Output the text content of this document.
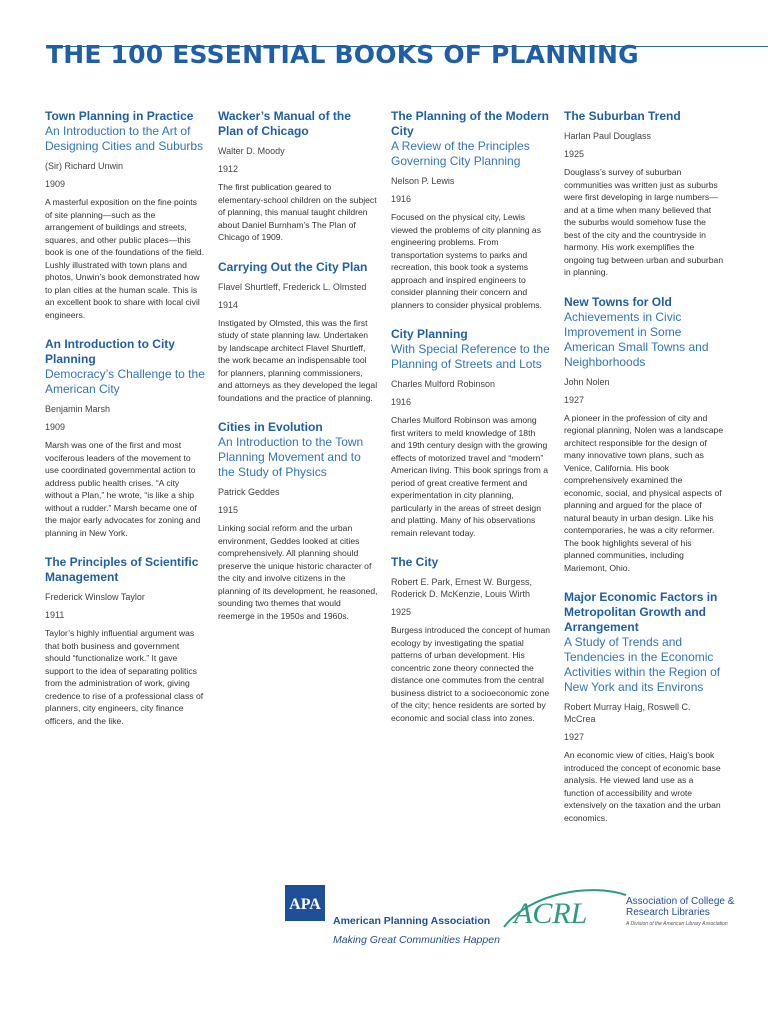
THE 100 ESSENTIAL BOOKS OF PLANNING
Town Planning in Practice
An Introduction to the Art of Designing Cities and Suburbs
(Sir) Richard Unwin
1909
A masterful exposition on the fine points of site planning—such as the arrangement of buildings and streets, squares, and other public places—this book is one of the foundations of the field. Lushly illustrated with town plans and photos, Unwin’s book demonstrated how to plan cities at the human scale. This is an excellent book to share with local civil engineers.
An Introduction to City Planning
Democracy’s Challenge to the American City
Benjamin Marsh
1909
Marsh was one of the first and most vociferous leaders of the movement to use coordinated governmental action to address public health crises. “A city without a Plan,” he wrote, “is like a ship without a rudder.” Marsh became one of the major early advocates for zoning and planning in New York.
The Principles of Scientific Management
Frederick Winslow Taylor
1911
Taylor’s highly influential argument was that both business and government should “functionalize work.” It gave support to the idea of separating politics from the administration of work, giving credence to rise of a professional class of planners, city engineers, city finance officers, and the like.
Wacker’s Manual of the Plan of Chicago
Walter D. Moody
1912
The first publication geared to elementary-school children on the subject of planning, this manual taught children about Daniel Burnham’s The Plan of Chicago of 1909.
Carrying Out the City Plan
Flavel Shurtleff, Frederick L. Olmsted
1914
Instigated by Olmsted, this was the first study of state planning law. Undertaken by landscape architect Flavel Shurtleff, the work became an indispensable tool for planners, planning commissioners, and attorneys as they developed the legal foundations and the practice of planning.
Cities in Evolution
An Introduction to the Town Planning Movement and to the Study of Physics
Patrick Geddes
1915
Linking social reform and the urban environment, Geddes looked at cities comprehensively. All planning should preserve the unique historic character of the city and involve citizens in the planning of its development, he reasoned, sounding two themes that would reemerge in the 1950s and 1960s.
The Planning of the Modern City
A Review of the Principles Governing City Planning
Nelson P. Lewis
1916
Focused on the physical city, Lewis viewed the problems of city planning as engineering problems. From transportation systems to parks and recreation, this book took a systems approach and inspired engineers to consider planning their concern and planners to consider physical problems.
City Planning
With Special Reference to the Planning of Streets and Lots
Charles Mulford Robinson
1916
Charles Mulford Robinson was among first writers to meld knowledge of 18th and 19th century design with the growing effects of motorized travel and “modern” American living. This book springs from a period of great creative ferment and experimentation in city planning, particularly in the areas of street design and platting. Many of his observations remain relevant today.
The City
Robert E. Park, Ernest W. Burgess, Roderick D. McKenzie, Louis Wirth
1925
Burgess introduced the concept of human ecology by investigating the spatial patterns of urban development. His concentric zone theory connected the distance one commutes from the central business district to a socioeconomic zone of the city; hence residents are sorted by economic and social class into zones.
The Suburban Trend
Harlan Paul Douglass
1925
Douglass’s survey of suburban communities was written just as suburbs were first developing in large numbers—and at a time when many believed that the suburbs would somehow fuse the best of the city and the countryside in harmony. His work exemplifies the ongoing tug between urban and suburban in planning.
New Towns for Old
Achievements in Civic Improvement in Some American Small Towns and Neighborhoods
John Nolen
1927
A pioneer in the profession of city and regional planning, Nolen was a landscape architect responsible for the design of many innovative town plans, such as Venice, California. His book comprehensively examined the economic, social, and physical aspects of planning and argued for the place of natural beauty in urban design. Like his contemporaries, he was a city reformer. The book highlights several of his planned communities, including Mariemont, Ohio.
Major Economic Factors in Metropolitan Growth and Arrangement
A Study of Trends and Tendencies in the Economic Activities within the Region of New York and its Environs
Robert Murray Haig, Roswell C. McCrea
1927
An economic view of cities, Haig’s book introduced the concept of economic base analysis. He viewed land use as a function of accessibility and wrote extensively on the taxation and the urban economics.
APA
American Planning Association
Making Great Communities Happen
ACRL	Association of College & Research Libraries
A Division of the American Library Association
